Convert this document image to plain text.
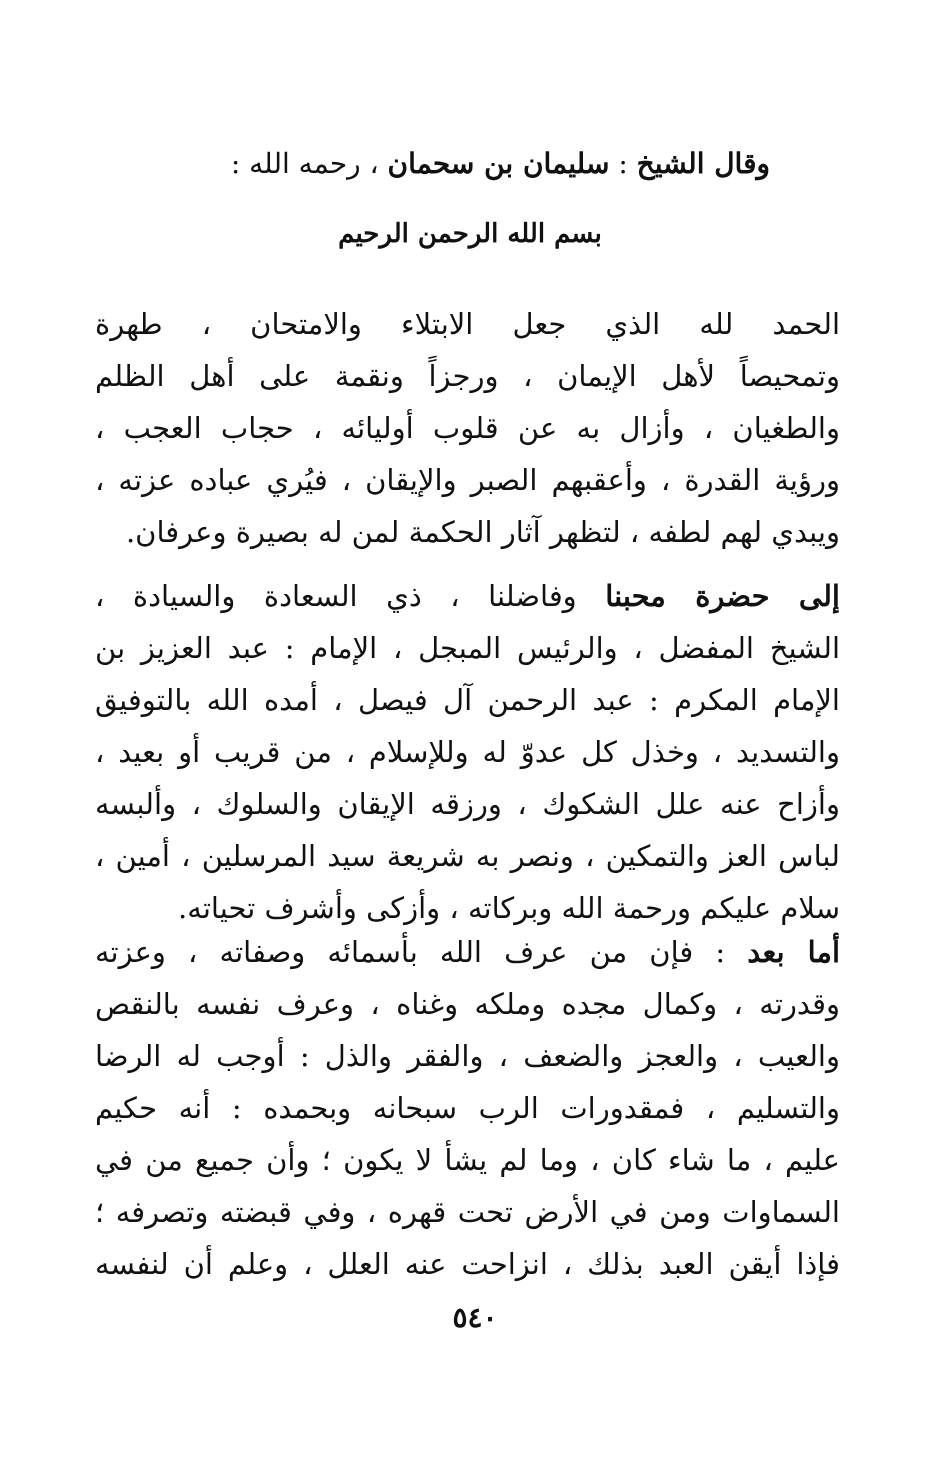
وقال الشيخ : سليمان بن سحمان ، رحمه الله :
بسم الله الرحمن الرحيم
الحمد لله الذي جعل الابتلاء والامتحان ، طهرة
وتمحيصاً لأهل الإيمان ، ورجزاً ونقمة على أهل الظلم
والطغيان ، وأزال به عن قلوب أوليائه ، حجاب العجب ،
ورؤية القدرة ، وأعقبهم الصبر والإيقان ، فيُري عباده عزته ،
ويبدي لهم لطفه ، لتظهر آثار الحكمة لمن له بصيرة وعرفان.
إلى حضرة محبنا وفاضلنا ، ذي السعادة والسيادة ،
الشيخ المفضل ، والرئيس المبجل ، الإمام : عبد العزيز بن
الإمام المكرم : عبد الرحمن آل فيصل ، أمده الله بالتوفيق
والتسديد ، وخذل كل عدوّ له وللإسلام ، من قريب أو بعيد ،
وأزاح عنه علل الشكوك ، ورزقه الإيقان والسلوك ، وألبسه
لباس العز والتمكين ، ونصر به شريعة سيد المرسلين ، أمين ،
سلام عليكم ورحمة الله وبركاته ، وأزكى وأشرف تحياته.
أما بعد : فإن من عرف الله بأسمائه وصفاته ، وعزته
وقدرته ، وكمال مجده وملكه وغناه ، وعرف نفسه بالنقص
والعيب ، والعجز والضعف ، والفقر والذل : أوجب له الرضا
والتسليم ، فمقدورات الرب سبحانه وبحمده : أنه حكيم
عليم ، ما شاء كان ، وما لم يشأ لا يكون ؛ وأن جميع من في
السماوات ومن في الأرض تحت قهره ، وفي قبضته وتصرفه ؛
فإذا أيقن العبد بذلك ، انزاحت عنه العلل ، وعلم أن لنفسه
٥٤٠
